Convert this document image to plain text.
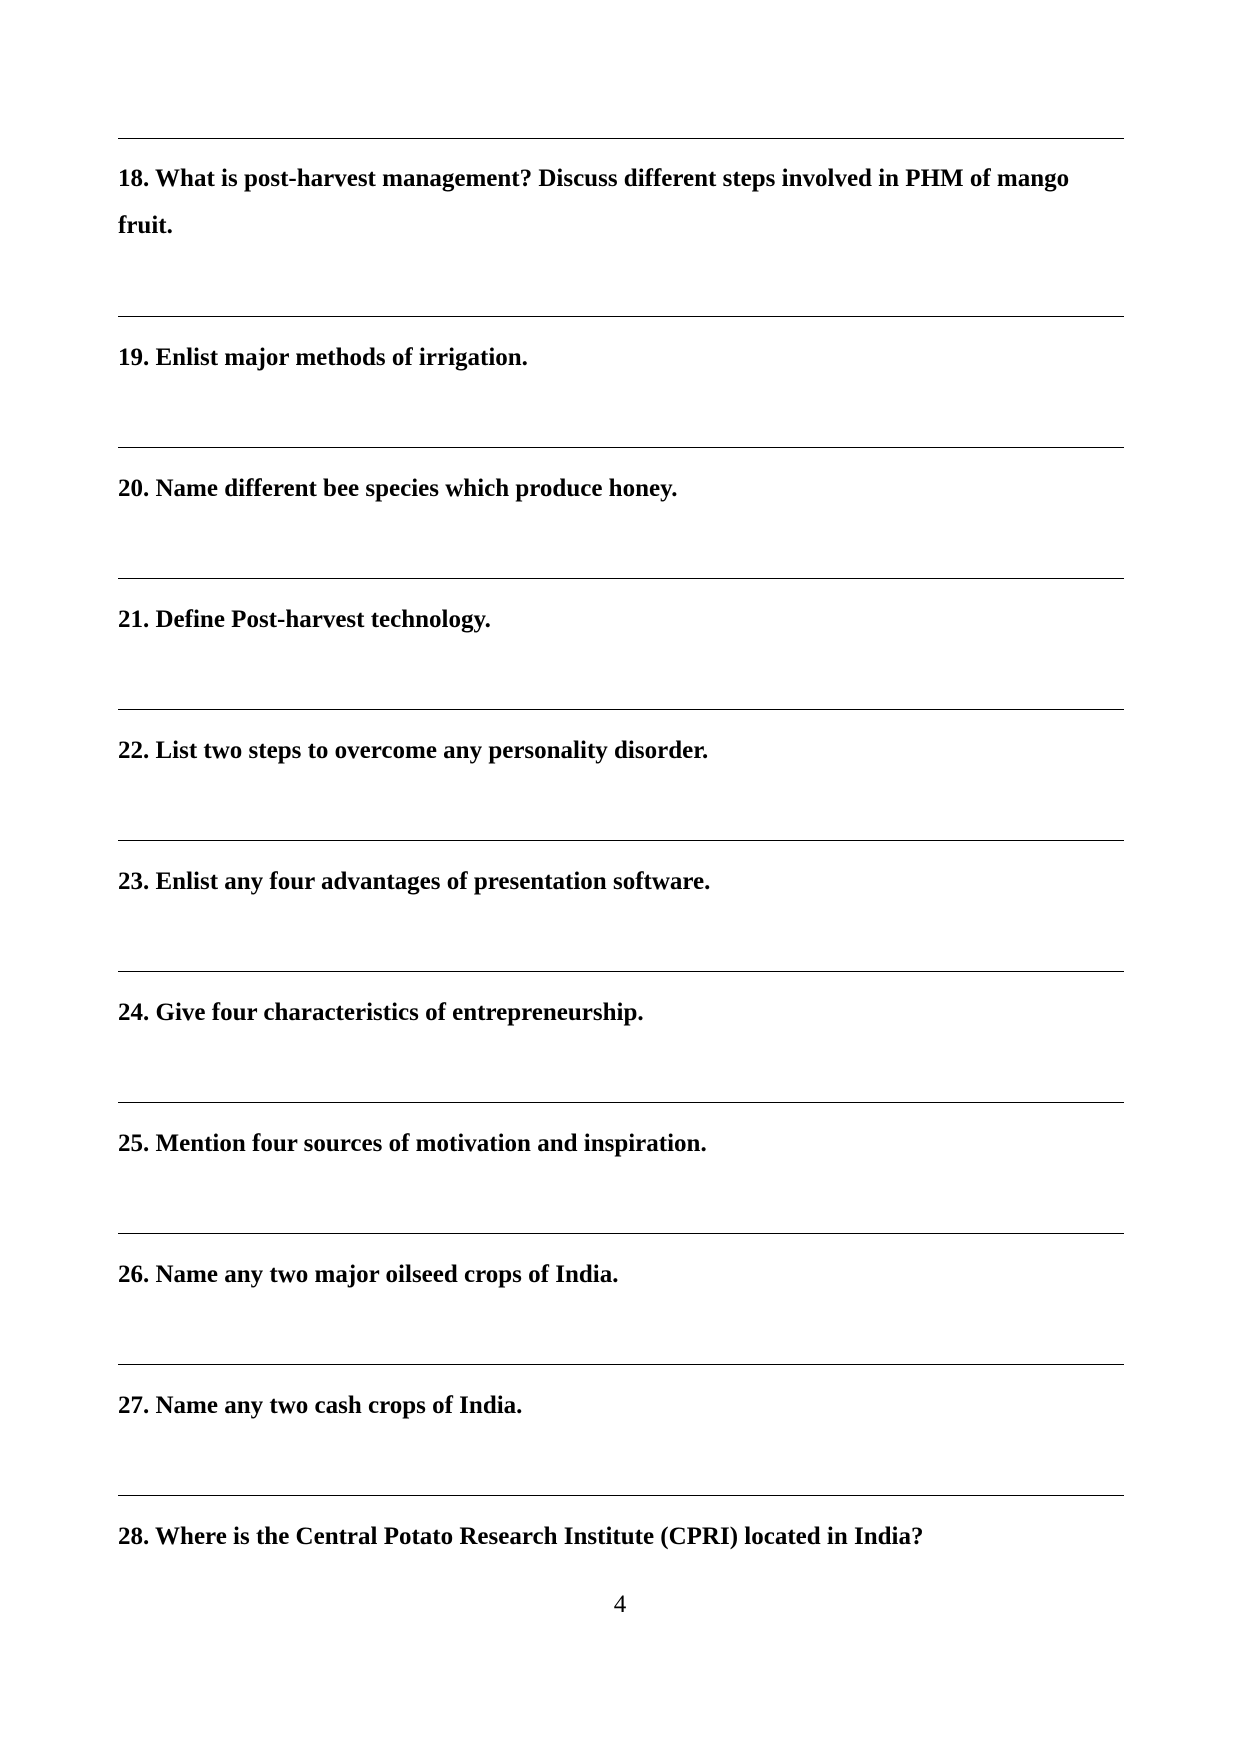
18. What is post-harvest management? Discuss different steps involved in PHM of mango fruit.

19. Enlist major methods of irrigation.

20. Name different bee species which produce honey.

21. Define Post-harvest technology.

22. List two steps to overcome any personality disorder.

23. Enlist any four advantages of presentation software.

24. Give four characteristics of entrepreneurship.

25. Mention four sources of motivation and inspiration.

26. Name any two major oilseed crops of India.

27. Name any two cash crops of India.

28. Where is the Central Potato Research Institute (CPRI) located in India?

4
